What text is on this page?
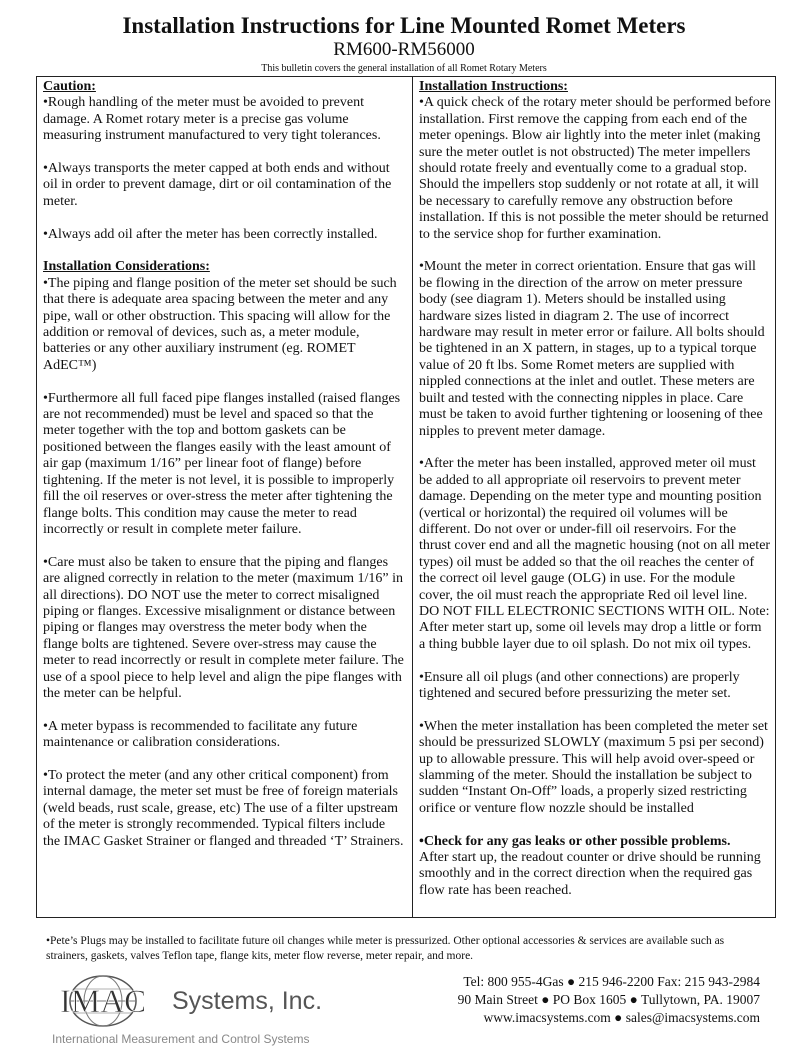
Installation Instructions for Line Mounted Romet Meters
RM600-RM56000
This bulletin covers the general installation of all Romet Rotary Meters
Caution:

•Rough handling of the meter must be avoided to prevent damage. A Romet rotary meter is a precise gas volume measuring instrument manufactured to very tight tolerances.

•Always transports the meter capped at both ends and without oil in order to prevent damage, dirt or oil contamination of the meter.

•Always add oil after the meter has been correctly installed.

Installation Considerations:

•The piping and flange position of the meter set should be such that there is adequate area spacing between the meter and any pipe, wall or other obstruction. This spacing will allow for the addition or removal of devices, such as, a meter module, batteries or any other auxiliary instrument (eg. ROMET AdEC™)

•Furthermore all full faced pipe flanges installed (raised flanges are not recommended) must be level and spaced so that the meter together with the top and bottom gaskets can be positioned between the flanges easily with the least amount of air gap (maximum 1/16” per linear foot of flange) before tightening. If the meter is not level, it is possible to improperly fill the oil reserves or over-stress the meter after tightening the flange bolts. This condition may cause the meter to read incorrectly or result in complete meter failure.

•Care must also be taken to ensure that the piping and flanges are aligned correctly in relation to the meter (maximum 1/16” in all directions). DO NOT use the meter to correct misaligned piping or flanges. Excessive misalignment or distance between piping or flanges may overstress the meter body when the flange bolts are tightened. Severe over-stress may cause the meter to read incorrectly or result in complete meter failure. The use of a spool piece to help level and align the pipe flanges with the meter can be helpful.

•A meter bypass is recommended to facilitate any future maintenance or calibration considerations.

•To protect the meter (and any other critical component) from internal damage, the meter set must be free of foreign materials (weld beads, rust scale, grease, etc) The use of a filter upstream of the meter is strongly recommended. Typical filters include the IMAC Gasket Strainer or flanged and threaded ‘T’ Strainers.

Installation Instructions:

•A quick check of the rotary meter should be performed before installation. First remove the capping from each end of the meter openings. Blow air lightly into the meter inlet (making sure the meter outlet is not obstructed) The meter impellers should rotate freely and eventually come to a gradual stop. Should the impellers stop suddenly or not rotate at all, it will be necessary to carefully remove any obstruction before installation. If this is not possible the meter should be returned to the service shop for further examination.

•Mount the meter in correct orientation. Ensure that gas will be flowing in the direction of the arrow on meter pressure body (see diagram 1). Meters should be installed using hardware sizes listed in diagram 2. The use of incorrect hardware may result in meter error or failure. All bolts should be tightened in an X pattern, in stages, up to a typical torque value of 20 ft lbs. Some Romet meters are supplied with nippled connections at the inlet and outlet. These meters are built and tested with the connecting nipples in place. Care must be taken to avoid further tightening or loosening of thee nipples to prevent meter damage.

•After the meter has been installed, approved meter oil must be added to all appropriate oil reservoirs to prevent meter damage. Depending on the meter type and mounting position (vertical or horizontal) the required oil volumes will be different. Do not over or under-fill oil reservoirs. For the thrust cover end and all the magnetic housing (not on all meter types) oil must be added so that the oil reaches the center of the correct oil level gauge (OLG) in use. For the module cover, the oil must reach the appropriate Red oil level line. DO NOT FILL ELECTRONIC SECTIONS WITH OIL. Note: After meter start up, some oil levels may drop a little or form a thing bubble layer due to oil splash. Do not mix oil types.

•Ensure all oil plugs (and other connections) are properly tightened and secured before pressurizing the meter set.

•When the meter installation has been completed the meter set should be pressurized SLOWLY (maximum 5 psi per second) up to allowable pressure. This will help avoid over-speed or slamming of the meter. Should the installation be subject to sudden “Instant On-Off” loads, a properly sized restricting orifice or venture flow nozzle should be installed

•Check for any gas leaks or other possible problems.

After start up, the readout counter or drive should be running smoothly and in the correct direction when the required gas flow rate has been reached.

•Pete’s Plugs may be installed to facilitate future oil changes while meter is pressurized. Other optional accessories & services are available such as strainers, gaskets, valves Teflon tape, flange kits, meter flow reverse, meter repair, and more.
IMAC Systems, Inc.
International Measurement and Control Systems
Tel: 800 955-4Gas ● 215 946-2200 Fax: 215 943-2984
90 Main Street ● PO Box 1605 ● Tullytown, PA. 19007
www.imacsystems.com ● sales@imacsystems.com
